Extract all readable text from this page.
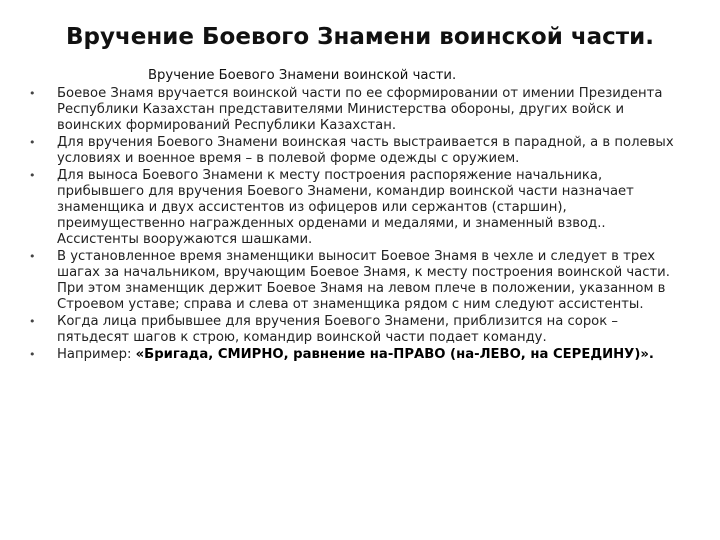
Вручение Боевого Знамени воинской части.
Вручение Боевого Знамени воинской части.
• Боевое Знамя вручается воинской части по ее сформировании от имении Президента Республики Казахстан представителями Министерства обороны, других войск и воинских формирований Республики Казахстан.
• Для вручения Боевого Знамени воинская часть выстраивается в парадной, а в полевых условиях и военное время – в полевой форме одежды с оружием.
• Для выноса Боевого Знамени к месту построения распоряжение начальника, прибывшего для вручения Боевого Знамени, командир воинской части назначает знаменщика и двух ассистентов из офицеров или сержантов (старшин), преимущественно награжденных орденами и медалями, и знаменный взвод.. Ассистенты вооружаются шашками.
• В установленное время знаменщики выносит Боевое Знамя в чехле и следует в трех шагах за начальником, вручающим Боевое Знамя, к месту построения воинской части. При этом знаменщик держит Боевое Знамя на левом плече в положении, указанном в Строевом уставе; справа и слева от знаменщика рядом с ним следуют ассистенты.
• Когда лица прибывшее для вручения Боевого Знамени, приблизится на сорок – пятьдесят шагов к строю, командир воинской части подает команду.
• Например: «Бригада, СМИРНО, равнение на-ПРАВО (на-ЛЕВО, на СЕРЕДИНУ)».
